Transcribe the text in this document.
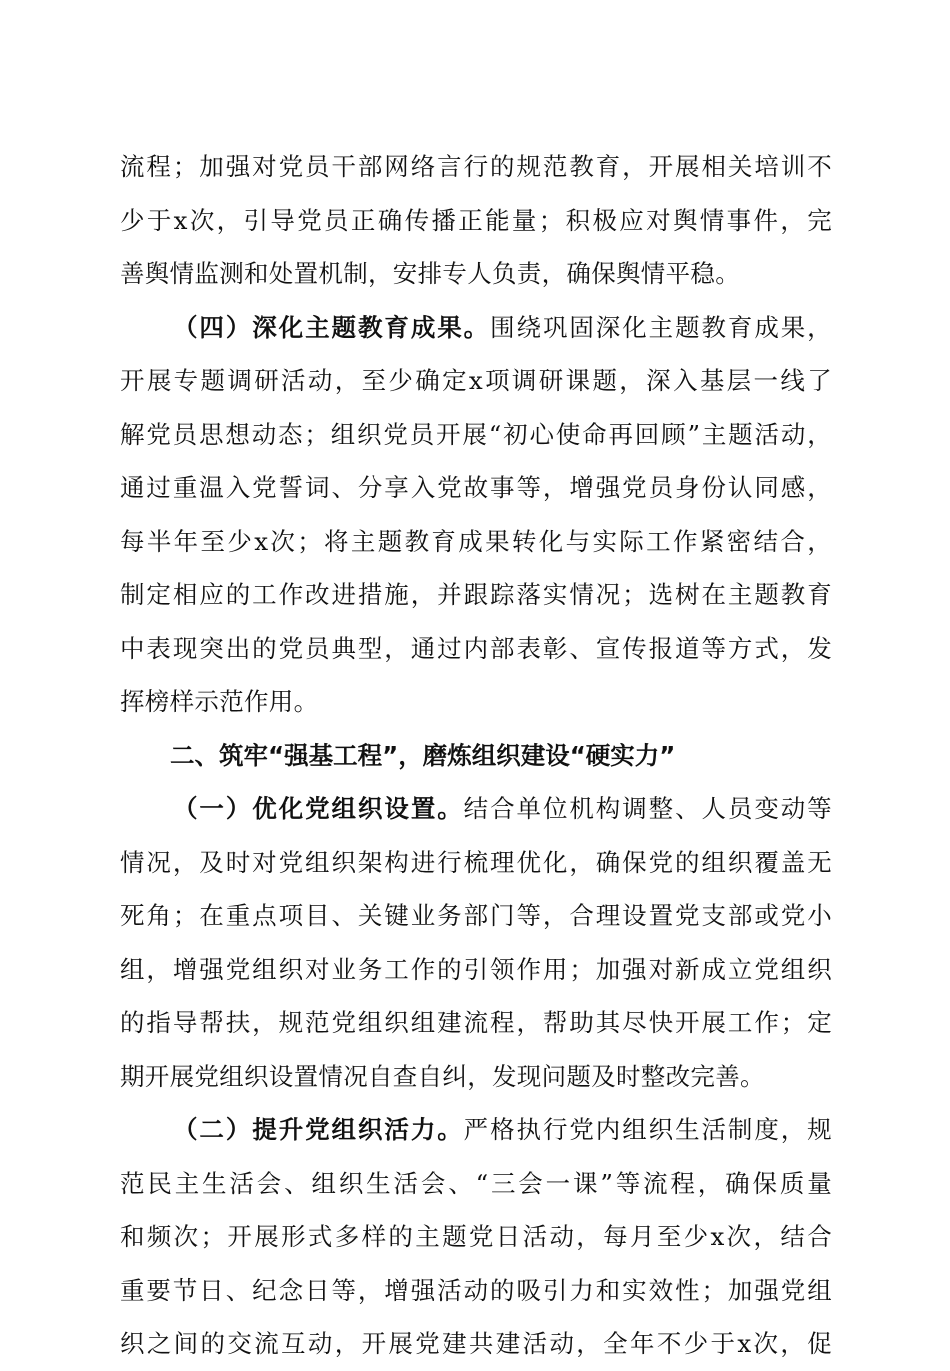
流程；加强对党员干部网络言行的规范教育，开展相关培训不
少于x次，引导党员正确传播正能量；积极应对舆情事件，完
善舆情监测和处置机制，安排专人负责，确保舆情平稳。
（四）深化主题教育成果。围绕巩固深化主题教育成果，
开展专题调研活动，至少确定x项调研课题，深入基层一线了
解党员思想动态；组织党员开展“初心使命再回顾”主题活动，
通过重温入党誓词、分享入党故事等，增强党员身份认同感，
每半年至少x次；将主题教育成果转化与实际工作紧密结合，
制定相应的工作改进措施，并跟踪落实情况；选树在主题教育
中表现突出的党员典型，通过内部表彰、宣传报道等方式，发
挥榜样示范作用。
二、筑牢“强基工程”，磨炼组织建设“硬实力”
（一）优化党组织设置。结合单位机构调整、人员变动等
情况，及时对党组织架构进行梳理优化，确保党的组织覆盖无
死角；在重点项目、关键业务部门等，合理设置党支部或党小
组，增强党组织对业务工作的引领作用；加强对新成立党组织
的指导帮扶，规范党组织组建流程，帮助其尽快开展工作；定
期开展党组织设置情况自查自纠，发现问题及时整改完善。
（二）提升党组织活力。严格执行党内组织生活制度，规
范民主生活会、组织生活会、“三会一课”等流程，确保质量
和频次；开展形式多样的主题党日活动，每月至少x次，结合
重要节日、纪念日等，增强活动的吸引力和实效性；加强党组
织之间的交流互动，开展党建共建活动，全年不少于x次，促
